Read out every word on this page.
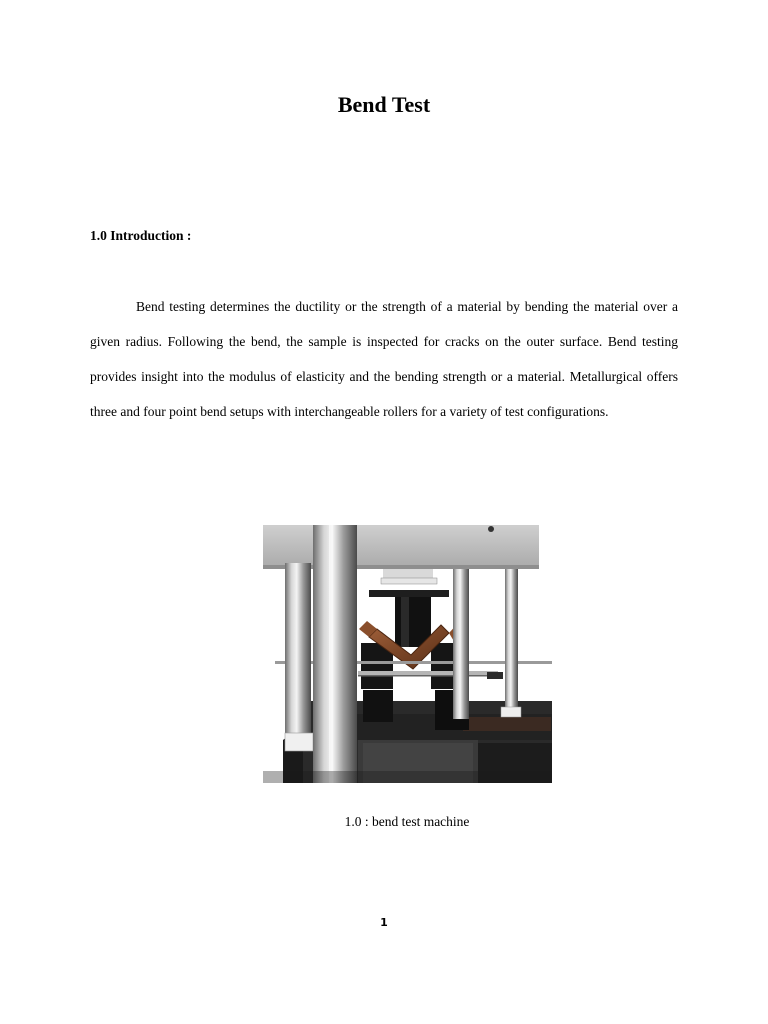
Bend Test
1.0 Introduction :

Bend testing determines the ductility or the strength of a material by bending the material over a given radius. Following the bend, the sample is inspected for cracks on the outer surface. Bend testing provides insight into the modulus of elasticity and the bending strength or a material. Metallurgical offers three and four point bend setups with interchangeable rollers for a variety of test configurations.

1.0 : bend test machine
1
